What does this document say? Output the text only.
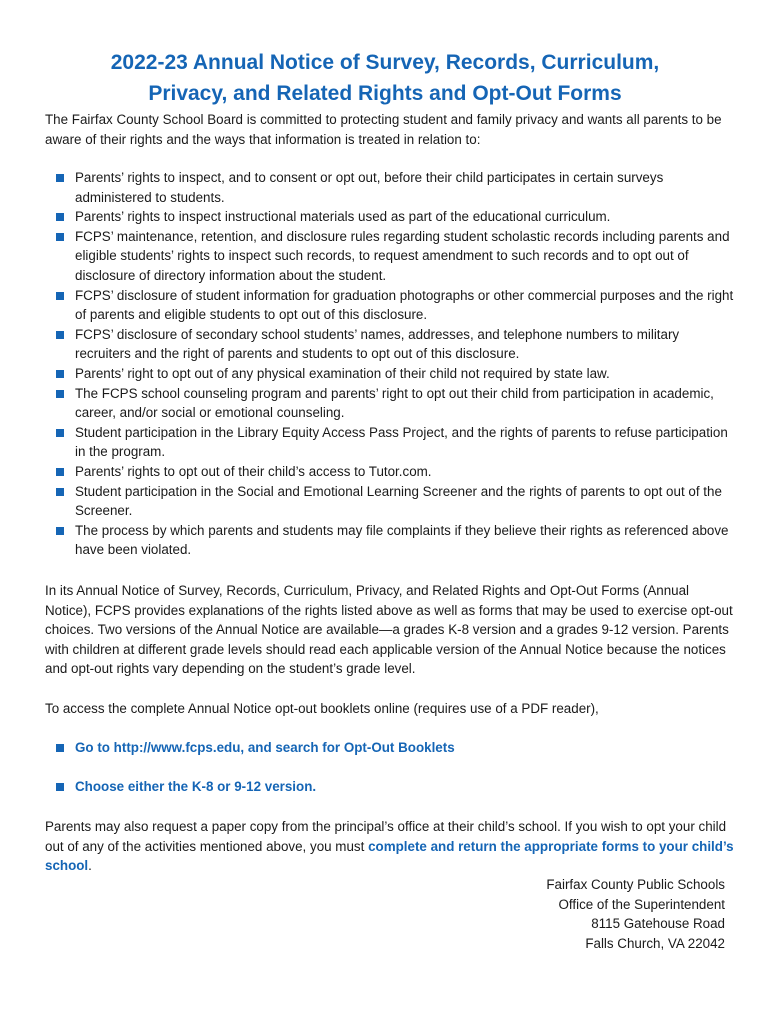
2022-23 Annual Notice of Survey, Records, Curriculum,
Privacy, and Related Rights and Opt-Out Forms
The Fairfax County School Board is committed to protecting student and family privacy and wants all parents to be aware of their rights and the ways that information is treated in relation to:
Parents’ rights to inspect, and to consent or opt out, before their child participates in certain surveys administered to students.
Parents’ rights to inspect instructional materials used as part of the educational curriculum.
FCPS’ maintenance, retention, and disclosure rules regarding student scholastic records including parents and eligible students’ rights to inspect such records, to request amendment to such records and to opt out of disclosure of directory information about the student.
FCPS’ disclosure of student information for graduation photographs or other commercial purposes and the right of parents and eligible students to opt out of this disclosure.
FCPS’ disclosure of secondary school students’ names, addresses, and telephone numbers to military recruiters and the right of parents and students to opt out of this disclosure.
Parents’ right to opt out of any physical examination of their child not required by state law.
The FCPS school counseling program and parents’ right to opt out their child from participation in academic, career, and/or social or emotional counseling.
Student participation in the Library Equity Access Pass Project, and the rights of parents to refuse participation in the program.
Parents’ rights to opt out of their child’s access to Tutor.com.
Student participation in the Social and Emotional Learning Screener and the rights of parents to opt out of the Screener.
The process by which parents and students may file complaints if they believe their rights as referenced above have been violated.
In its Annual Notice of Survey, Records, Curriculum, Privacy, and Related Rights and Opt-Out Forms (Annual Notice), FCPS provides explanations of the rights listed above as well as forms that may be used to exercise opt-out choices. Two versions of the Annual Notice are available—a grades K-8 version and a grades 9-12 version. Parents with children at different grade levels should read each applicable version of the Annual Notice because the notices and opt-out rights vary depending on the student’s grade level.
To access the complete Annual Notice opt-out booklets online (requires use of a PDF reader),
Go to http://www.fcps.edu, and search for Opt-Out Booklets
Choose either the K-8 or 9-12 version.
Parents may also request a paper copy from the principal’s office at their child’s school. If you wish to opt your child out of any of the activities mentioned above, you must complete and return the appropriate forms to your child’s school.
Fairfax County Public Schools
Office of the Superintendent
8115 Gatehouse Road
Falls Church, VA 22042
